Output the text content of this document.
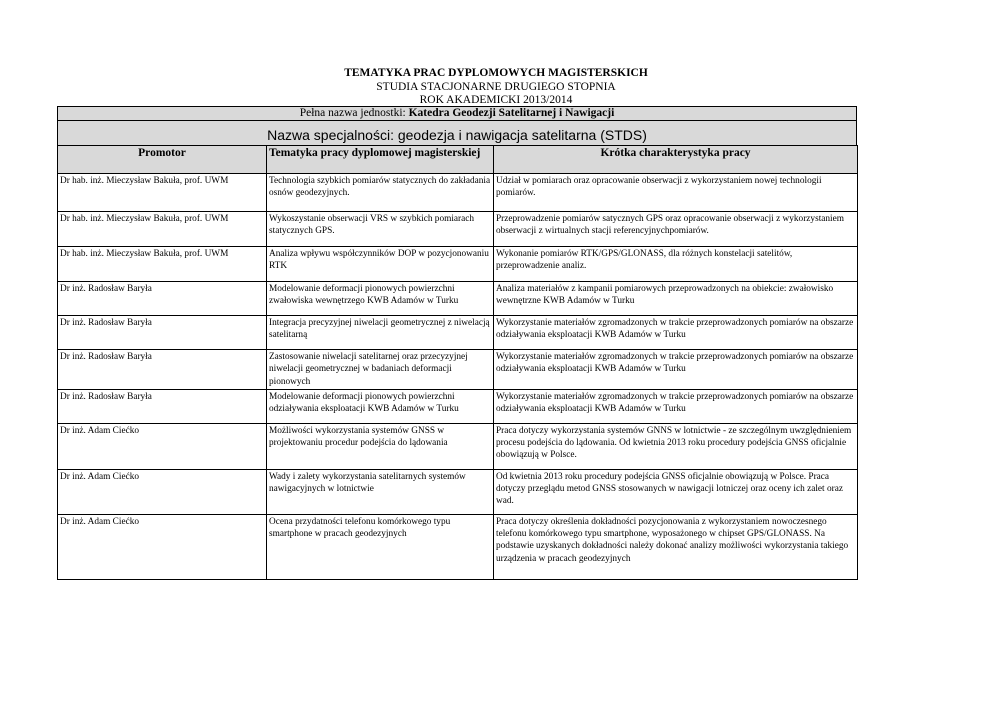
TEMATYKA PRAC DYPLOMOWYCH MAGISTERSKICH
STUDIA STACJONARNE DRUGIEGO STOPNIA
ROK AKADEMICKI 2013/2014
Pełna nazwa jednostki: Katedra Geodezji Satelitarnej i Nawigacji
Nazwa specjalności: geodezja i nawigacja satelitarna (STDS)
Promotor	Tematyka pracy dyplomowej magisterskiej	Krótka charakterystyka pracy
Dr hab. inż. Mieczysław Bakuła, prof. UWM	Technologia szybkich pomiarów statycznych do zakładania osnów geodezyjnych.	Udział w pomiarach oraz opracowanie obserwacji z wykorzystaniem nowej technologii pomiarów.
Dr hab. inż. Mieczysław Bakuła, prof. UWM	Wykoszystanie obserwacji VRS w szybkich pomiarach statycznych GPS.	Przeprowadzenie pomiarów satycznych GPS oraz opracowanie obserwacji z wykorzystaniem obserwacji z wirtualnych stacji referencyjnychpomiarów.
Dr hab. inż. Mieczysław Bakuła, prof. UWM	Analiza wpływu współczynników DOP w pozycjonowaniu RTK	Wykonanie pomiarów RTK/GPS/GLONASS, dla różnych konstelacji satelitów, przeprowadzenie analiz.
Dr inż. Radosław Baryła	Modelowanie deformacji pionowych powierzchni zwałowiska wewnętrzego KWB Adamów w Turku	Analiza materiałów z kampanii pomiarowych przeprowadzonych na obiekcie: zwałowisko wewnętrzne KWB Adamów w Turku
Dr inż. Radosław Baryła	Integracja precyzyjnej niwelacji geometrycznej z niwelacją satelitarną	Wykorzystanie materiałów zgromadzonych w trakcie przeprowadzonych pomiarów na obszarze odziaływania eksploatacji KWB Adamów w Turku
Dr inż. Radosław Baryła	Zastosowanie niwelacji satelitarnej oraz przecyzyjnej niwelacji geometrycznej w badaniach deformacji pionowych	Wykorzystanie materiałów zgromadzonych w trakcie przeprowadzonych pomiarów na obszarze odziaływania eksploatacji KWB Adamów w Turku
Dr inż. Radosław Baryła	Modelowanie deformacji pionowych powierzchni odziaływania eksploatacji KWB Adamów w Turku	Wykorzystanie materiałów zgromadzonych w trakcie przeprowadzonych pomiarów na obszarze odziaływania eksploatacji KWB Adamów w Turku
Dr inż. Adam Ciećko	Możliwości wykorzystania systemów GNSS w projektowaniu procedur podejścia do lądowania	Praca dotyczy wykorzystania systemów GNNS w lotnictwie - ze szczególnym uwzględnieniem procesu podejścia do lądowania. Od kwietnia 2013 roku procedury podejścia GNSS oficjalnie obowiązują w Polsce.
Dr inż. Adam Ciećko	Wady i zalety wykorzystania satelitarnych systemów nawigacyjnych w lotnictwie	Od kwietnia 2013 roku procedury podejścia GNSS oficjalnie obowiązują w Polsce. Praca dotyczy przeglądu metod GNSS stosowanych w nawigacji lotniczej oraz oceny ich zalet oraz wad.
Dr inż. Adam Ciećko	Ocena przydatności telefonu komórkowego typu smartphone w pracach geodezyjnych	Praca dotyczy określenia dokładności pozycjonowania z wykorzystaniem nowoczesnego telefonu komórkowego typu smartphone, wyposażonego w chipset GPS/GLONASS. Na podstawie uzyskanych dokładności należy dokonać analizy możliwości wykorzystania takiego urządzenia w pracach geodezyjnych
